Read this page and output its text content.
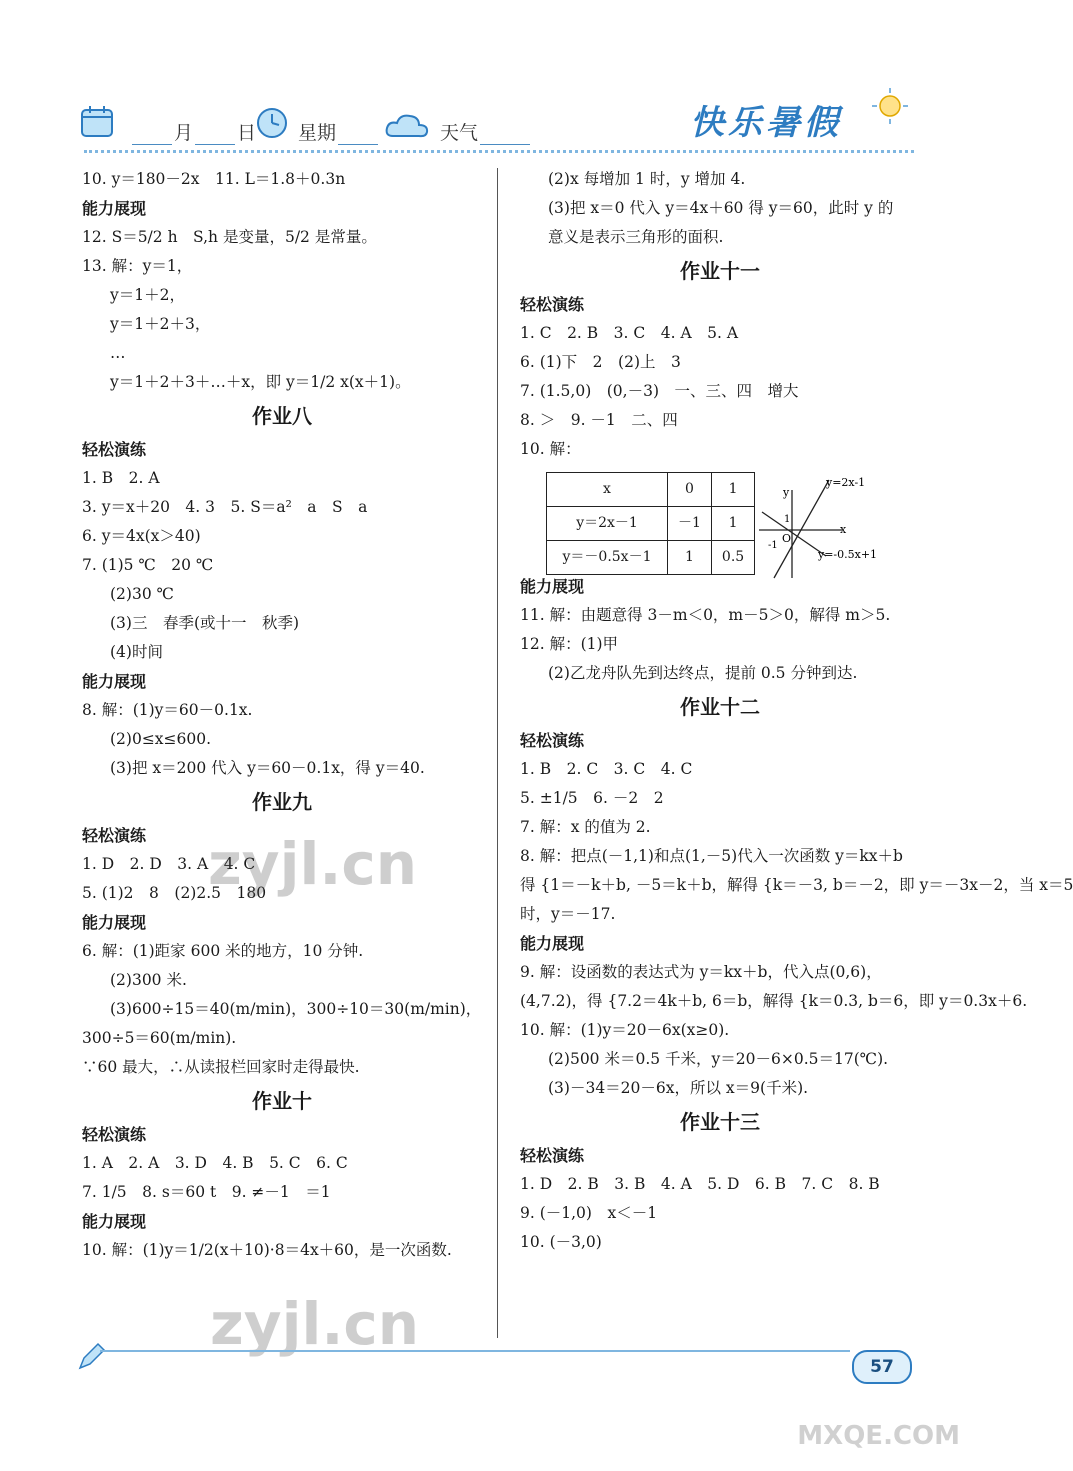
月 日 星期	天气	快乐暑假
10. y＝180－2x　11. L＝1.8＋0.3n
能力展现
12. S＝5/2 h　S,h 是变量，5/2 是常量。
13. 解：y＝1，
y＝1＋2，
y＝1＋2＋3，
…
y＝1＋2＋3＋…＋x，即 y＝1/2 x(x＋1)。
作业八
轻松演练
1. B　2. A
3. y＝x＋20　4. 3　5. S＝a²　a　S　a
6. y＝4x(x＞40)
7. (1)5 ℃　20 ℃
(2)30 ℃
(3)三　春季(或十一　秋季)
(4)时间
能力展现
8. 解：(1)y＝60－0.1x.
(2)0≤x≤600.
(3)把 x＝200 代入 y＝60－0.1x，得 y＝40.
作业九
轻松演练
1. D　2. D　3. A　4. C
5. (1)2　8　(2)2.5　180
能力展现
6. 解：(1)距家 600 米的地方，10 分钟.
(2)300 米.
(3)600÷15＝40(m/min)，300÷10＝30(m/min)，
300÷5＝60(m/min).
∵60 最大，∴从读报栏回家时走得最快.
作业十
轻松演练
1. A　2. A　3. D　4. B　5. C　6. C
7. 1/5　8. s＝60 t　9. ≠－1　＝1
能力展现
10. 解：(1)y＝1/2(x＋10)·8＝4x＋60，是一次函数.
(2)x 每增加 1 时，y 增加 4.
(3)把 x＝0 代入 y＝4x＋60 得 y＝60，此时 y 的
意义是表示三角形的面积.
作业十一
轻松演练
1. C　2. B　3. C　4. A　5. A
6. (1)下　2　(2)上　3
7. (1.5,0)　(0,－3)　一、三、四　增大
8. ＞　9. －1　二、四
10. 解：
x	0	1
y＝2x－1	－1	1
y＝－0.5x－1	1	0.5
能力展现
11. 解：由题意得 3－m＜0，m－5＞0，解得 m＞5.
12. 解：(1)甲
(2)乙龙舟队先到达终点，提前 0.5 分钟到达.
作业十二
轻松演练
1. B　2. C　3. C　4. C
5. ±1/5　6. －2　2
7. 解：x 的值为 2.
8. 解：把点(－1,1)和点(1,－5)代入一次函数 y＝kx＋b
得 {1＝－k＋b, －5＝k＋b，解得 {k＝－3, b＝－2，即 y＝－3x－2，当 x＝5
时，y＝－17.
能力展现
9. 解：设函数的表达式为 y＝kx＋b，代入点(0,6)，
(4,7.2)，得 {7.2＝4k＋b, 6＝b，解得 {k＝0.3, b＝6，即 y＝0.3x＋6.
10. 解：(1)y＝20－6x(x≥0).
(2)500 米＝0.5 千米，y＝20－6×0.5＝17(℃).
(3)－34＝20－6x，所以 x＝9(千米).
作业十三
轻松演练
1. D　2. B　3. B　4. A　5. D　6. B　7. C　8. B
9. (－1,0)　x＜－1
10. (－3,0)
y=2x-1
y=-0.5x+1
x
y
O
1
-1
zyjl.cn
zyjl.cn
MXQE.COM
57
